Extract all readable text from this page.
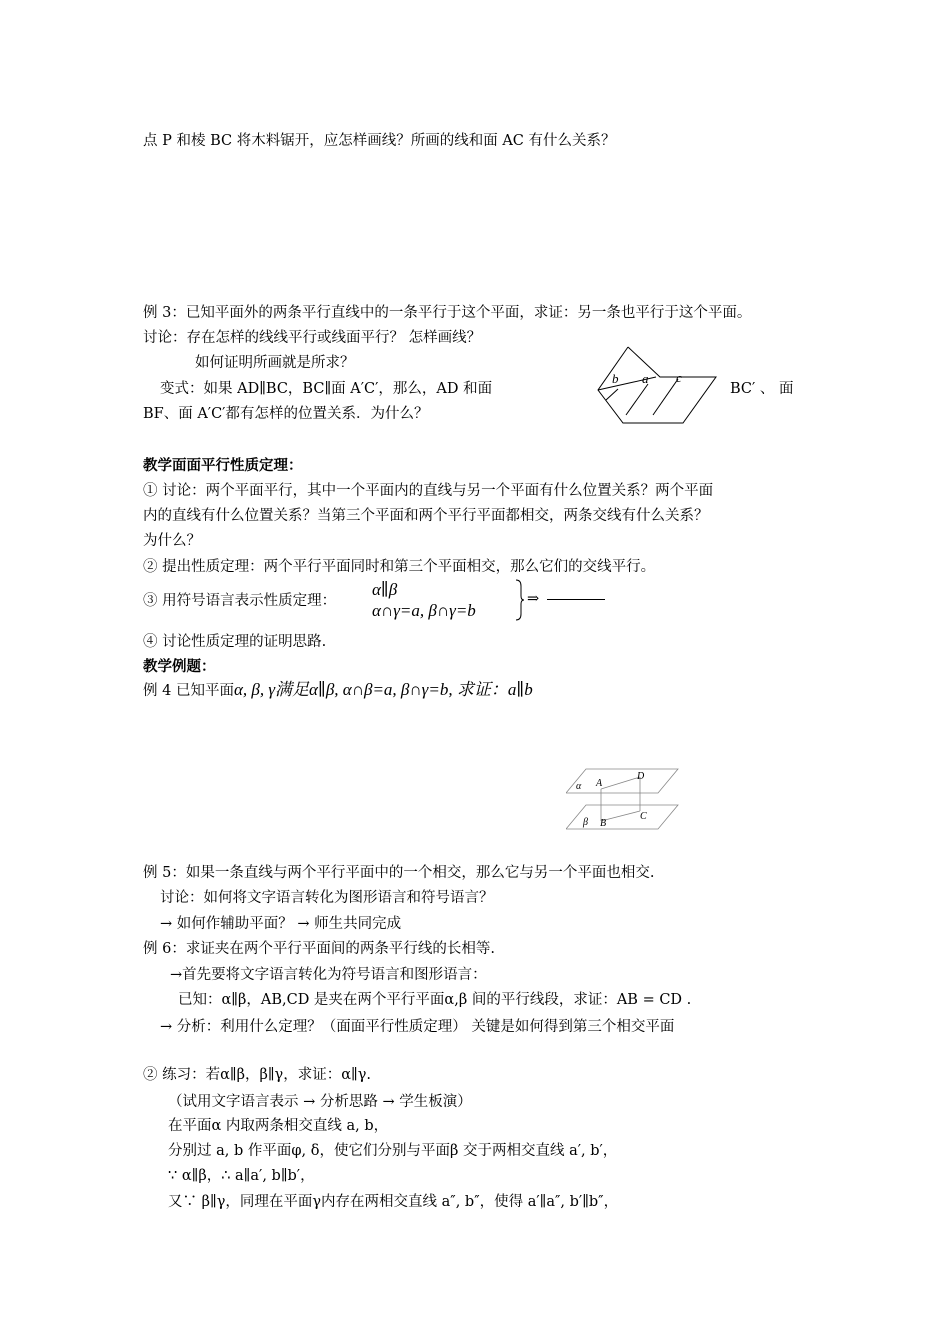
点 P 和棱 BC 将木料锯开，应怎样画线？所画的线和面 AC 有什么关系？
例 3：已知平面外的两条平行直线中的一条平行于这个平面，求证：另一条也平行于这个平面。
讨论：存在怎样的线线平行或线面平行？ 怎样画线？
如何证明所画就是所求？
变式：如果 AD∥BC，BC∥面 A′C′，那么，AD 和面	BC′ 、 面
BF、面 A′C′都有怎样的位置关系．为什么？
b a c
教学面面平行性质定理：
① 讨论：两个平面平行，其中一个平面内的直线与另一个平面有什么位置关系？两个平面
内的直线有什么位置关系？当第三个平面和两个平行平面都相交，两条交线有什么关系？
为什么？
② 提出性质定理：两个平行平面同时和第三个平面相交，那么它们的交线平行。
③ 用符号语言表示性质定理：
α∥β
α∩γ=a, β∩γ=b
⇒
④ 讨论性质定理的证明思路.
教学例题：
例 4 已知平面α, β, γ满足α∥β, α∩β=a, β∩γ=b, 求证：a∥b
α A
D
β B
C
例 5：如果一条直线与两个平行平面中的一个相交，那么它与另一个平面也相交.
讨论：如何将文字语言转化为图形语言和符号语言？
→ 如何作辅助平面？ → 师生共同完成
例 6：求证夹在两个平行平面间的两条平行线的长相等.
→首先要将文字语言转化为符号语言和图形语言：
已知：α∥β，AB,CD 是夹在两个平行平面α,β 间的平行线段，求证：AB = CD .
→ 分析：利用什么定理？（面面平行性质定理） 关键是如何得到第三个相交平面
② 练习：若α∥β，β∥γ，求证：α∥γ.
（试用文字语言表示 → 分析思路 → 学生板演）
在平面α 内取两条相交直线 a, b，
分别过 a, b 作平面φ, δ，使它们分别与平面β 交于两相交直线 a′, b′，
∵ α∥β，∴ a∥a′, b∥b′，
又∵ β∥γ，同理在平面γ内存在两相交直线 a″, b″，使得 a′∥a″, b′∥b″，
